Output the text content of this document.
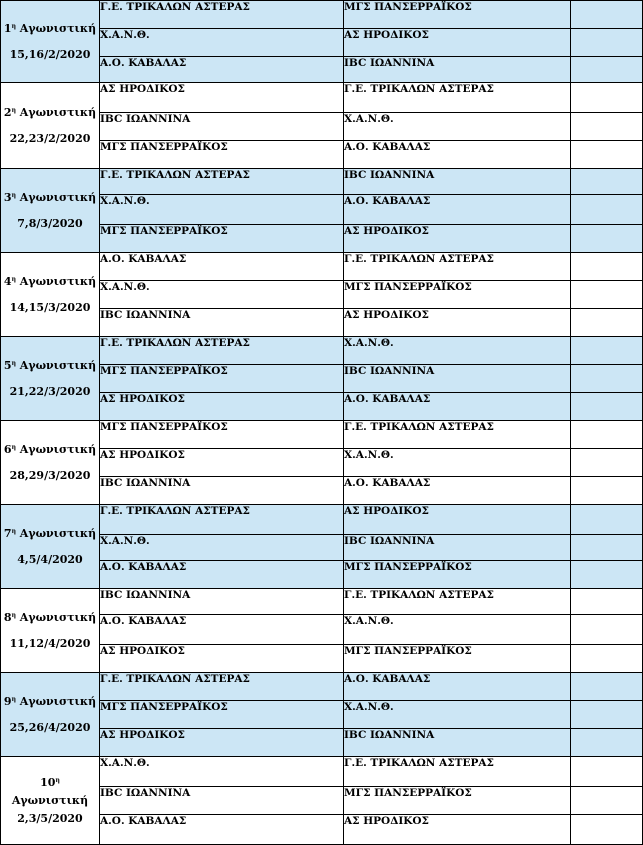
$1^\eta$ Αγωνιστική
15,16/2/2020	Γ.Ε. ΤΡΙΚΑΛΩΝ ΑΣΤΕΡΑΣ	ΜΓΣ ΠΑΝΣΕΡΡΑΪΚΟΣ	
	Χ.Α.Ν.Θ.	ΑΣ ΗΡΟΔΙΚΟΣ	
	Α.Ο. ΚΑΒΑΛΑΣ	IBC ΙΩΑΝΝΙΝΑ	

$2^\eta$ Αγωνιστική
22,23/2/2020	ΑΣ ΗΡΟΔΙΚΟΣ	Γ.Ε. ΤΡΙΚΑΛΩΝ ΑΣΤΕΡΑΣ	
	IBC ΙΩΑΝΝΙΝΑ	Χ.Α.Ν.Θ.	
	ΜΓΣ ΠΑΝΣΕΡΡΑΪΚΟΣ	Α.Ο. ΚΑΒΑΛΑΣ	

$3^\eta$ Αγωνιστική
7,8/3/2020	Γ.Ε. ΤΡΙΚΑΛΩΝ ΑΣΤΕΡΑΣ	IBC ΙΩΑΝΝΙΝΑ	
	Χ.Α.Ν.Θ.	Α.Ο. ΚΑΒΑΛΑΣ	
	ΜΓΣ ΠΑΝΣΕΡΡΑΪΚΟΣ	ΑΣ ΗΡΟΔΙΚΟΣ	

$4^\eta$ Αγωνιστική
14,15/3/2020	Α.Ο. ΚΑΒΑΛΑΣ	Γ.Ε. ΤΡΙΚΑΛΩΝ ΑΣΤΕΡΑΣ	
	Χ.Α.Ν.Θ.	ΜΓΣ ΠΑΝΣΕΡΡΑΪΚΟΣ	
	IBC ΙΩΑΝΝΙΝΑ	ΑΣ ΗΡΟΔΙΚΟΣ	

$5^\eta$ Αγωνιστική
21,22/3/2020	Γ.Ε. ΤΡΙΚΑΛΩΝ ΑΣΤΕΡΑΣ	Χ.Α.Ν.Θ.	
	ΜΓΣ ΠΑΝΣΕΡΡΑΪΚΟΣ	IBC ΙΩΑΝΝΙΝΑ	
	ΑΣ ΗΡΟΔΙΚΟΣ	Α.Ο. ΚΑΒΑΛΑΣ	

$6^\eta$ Αγωνιστική
28,29/3/2020	ΜΓΣ ΠΑΝΣΕΡΡΑΪΚΟΣ	Γ.Ε. ΤΡΙΚΑΛΩΝ ΑΣΤΕΡΑΣ	
	ΑΣ ΗΡΟΔΙΚΟΣ	Χ.Α.Ν.Θ.	
	IBC ΙΩΑΝΝΙΝΑ	Α.Ο. ΚΑΒΑΛΑΣ	

$7^\eta$ Αγωνιστική
4,5/4/2020	Γ.Ε. ΤΡΙΚΑΛΩΝ ΑΣΤΕΡΑΣ	ΑΣ ΗΡΟΔΙΚΟΣ	
	Χ.Α.Ν.Θ.	IBC ΙΩΑΝΝΙΝΑ	
	Α.Ο. ΚΑΒΑΛΑΣ	ΜΓΣ ΠΑΝΣΕΡΡΑΪΚΟΣ	

$8^\eta$ Αγωνιστική
11,12/4/2020	IBC ΙΩΑΝΝΙΝΑ	Γ.Ε. ΤΡΙΚΑΛΩΝ ΑΣΤΕΡΑΣ	
	Α.Ο. ΚΑΒΑΛΑΣ	Χ.Α.Ν.Θ.	
	ΑΣ ΗΡΟΔΙΚΟΣ	ΜΓΣ ΠΑΝΣΕΡΡΑΪΚΟΣ	

$9^\eta$ Αγωνιστική
25,26/4/2020	Γ.Ε. ΤΡΙΚΑΛΩΝ ΑΣΤΕΡΑΣ	Α.Ο. ΚΑΒΑΛΑΣ	
	ΜΓΣ ΠΑΝΣΕΡΡΑΪΚΟΣ	Χ.Α.Ν.Θ.	
	ΑΣ ΗΡΟΔΙΚΟΣ	IBC ΙΩΑΝΝΙΝΑ	

$10^\eta$
Αγωνιστική
2,3/5/2020	Χ.Α.Ν.Θ.	Γ.Ε. ΤΡΙΚΑΛΩΝ ΑΣΤΕΡΑΣ	
	IBC ΙΩΑΝΝΙΝΑ	ΜΓΣ ΠΑΝΣΕΡΡΑΪΚΟΣ	
	Α.Ο. ΚΑΒΑΛΑΣ	ΑΣ ΗΡΟΔΙΚΟΣ	
